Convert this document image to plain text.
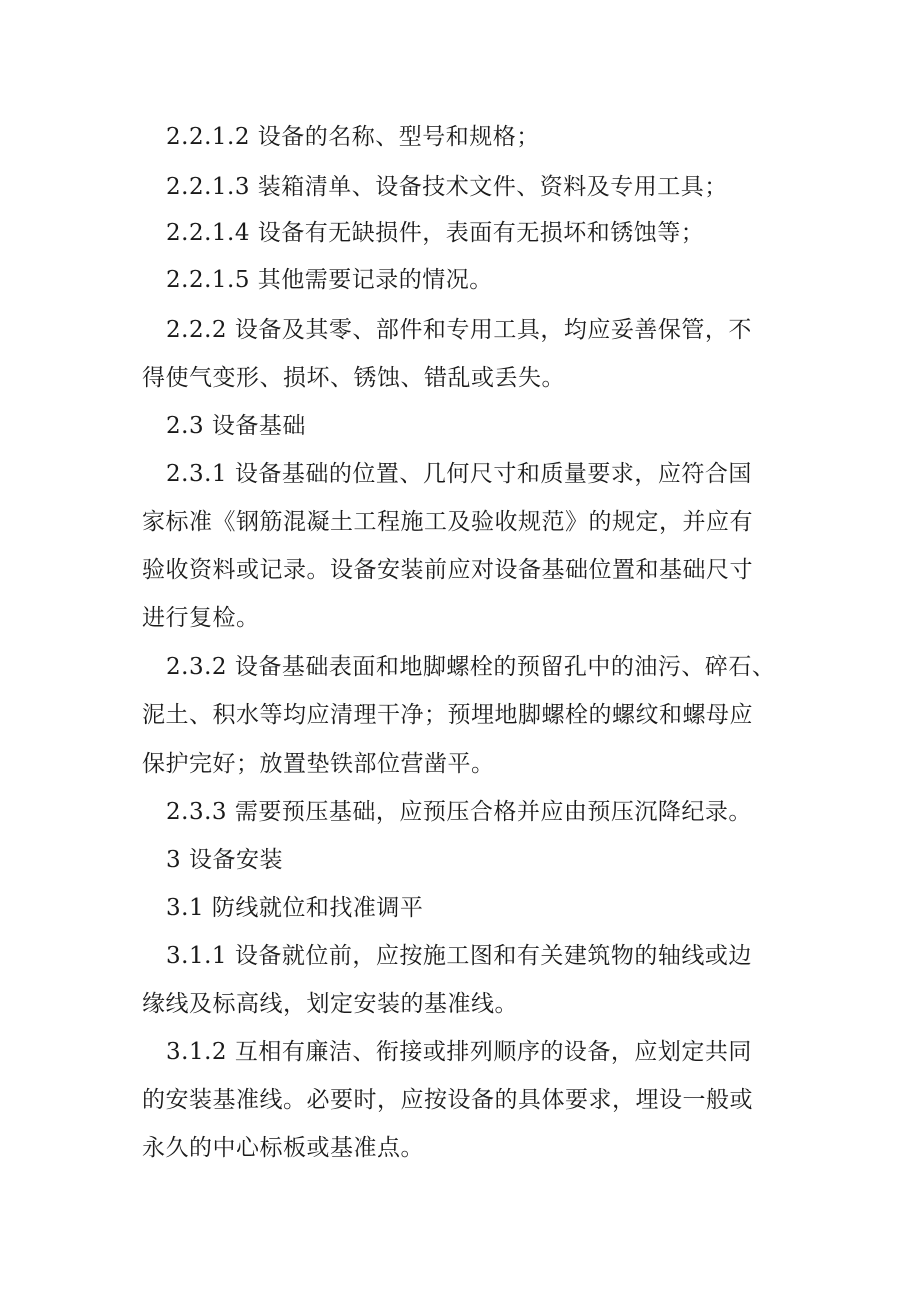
2.2.1.2 设备的名称、型号和规格；
2.2.1.3 装箱清单、设备技术文件、资料及专用工具；
2.2.1.4 设备有无缺损件，表面有无损坏和锈蚀等；
2.2.1.5 其他需要记录的情况。
2.2.2 设备及其零、部件和专用工具，均应妥善保管，不
得使气变形、损坏、锈蚀、错乱或丢失。
2.3 设备基础
2.3.1 设备基础的位置、几何尺寸和质量要求，应符合国
家标准《钢筋混凝土工程施工及验收规范》的规定，并应有
验收资料或记录。设备安装前应对设备基础位置和基础尺寸
进行复检。
2.3.2 设备基础表面和地脚螺栓的预留孔中的油污、碎石、
泥土、积水等均应清理干净；预埋地脚螺栓的螺纹和螺母应
保护完好；放置垫铁部位营凿平。
2.3.3 需要预压基础，应预压合格并应由预压沉降纪录。
3 设备安装
3.1 防线就位和找准调平
3.1.1 设备就位前，应按施工图和有关建筑物的轴线或边
缘线及标高线，划定安装的基准线。
3.1.2 互相有廉洁、衔接或排列顺序的设备，应划定共同
的安装基准线。必要时，应按设备的具体要求，埋设一般或
永久的中心标板或基准点。
